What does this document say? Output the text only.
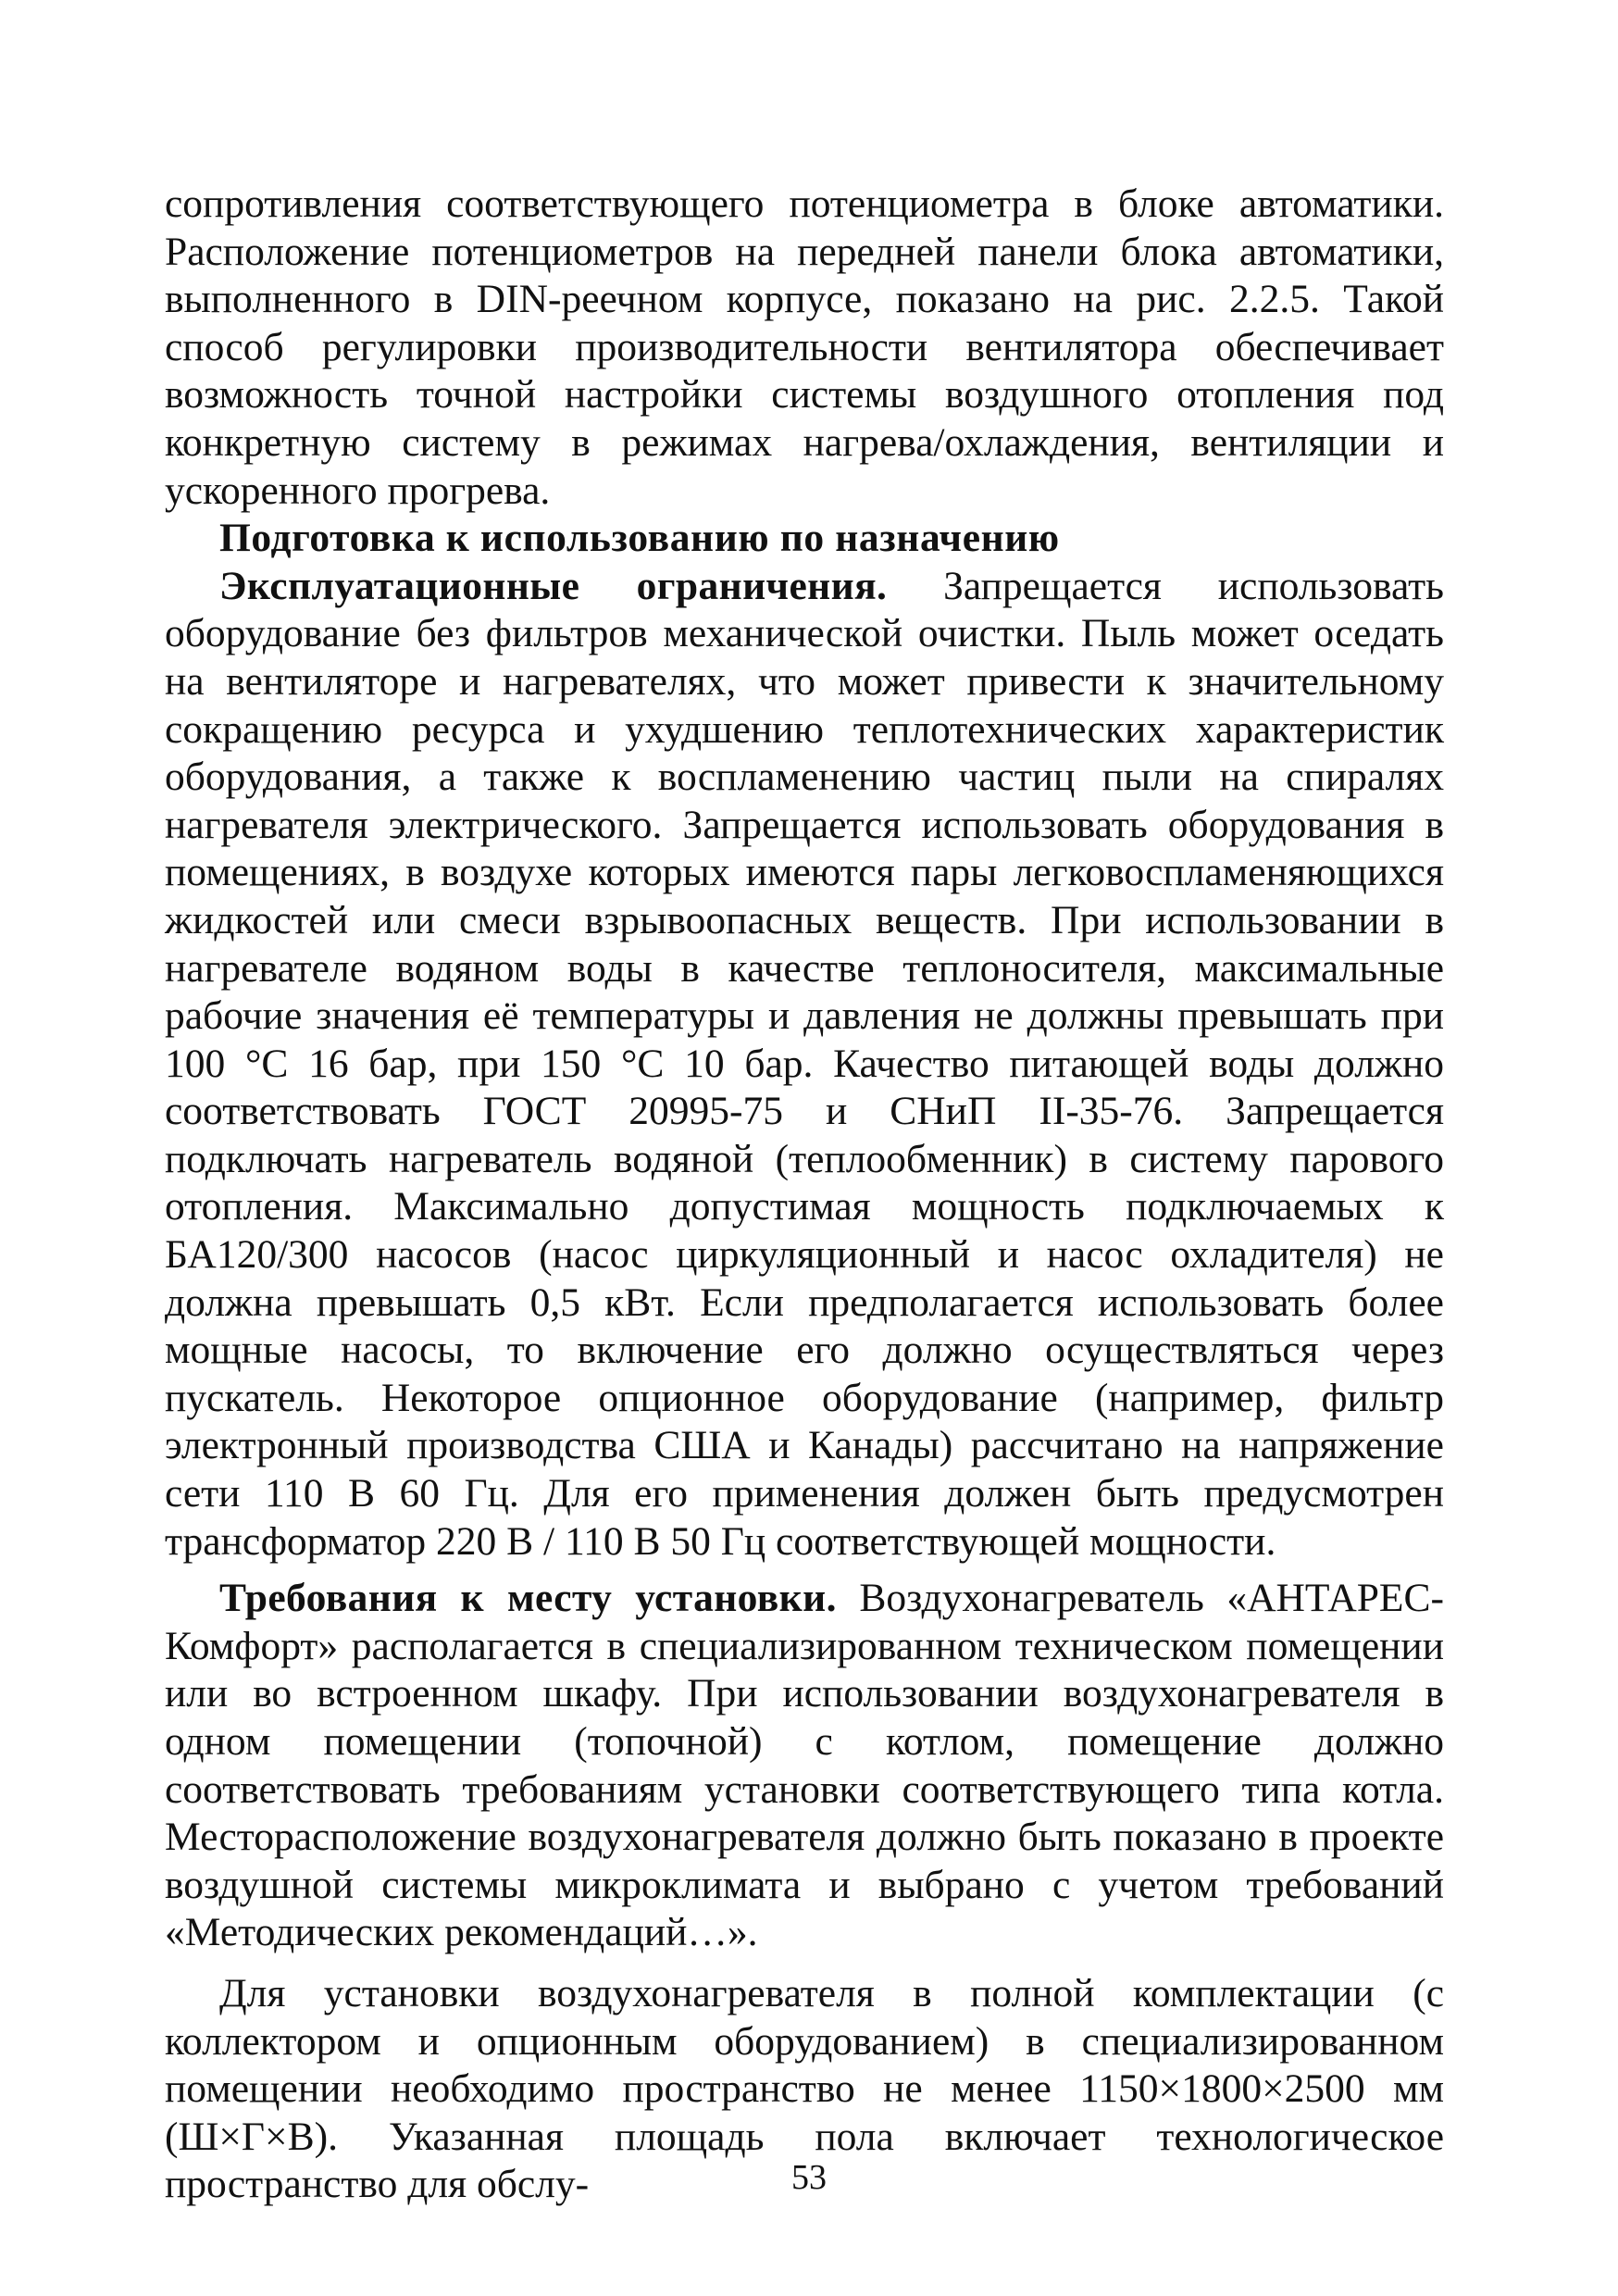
сопротивления соответствующего потенциометра в блоке автоматики. Расположение потенциометров на передней панели блока автоматики, выполненного в DIN-реечном корпусе, показано на рис. 2.2.5. Такой способ регулировки производительности вентилятора обеспечивает возможность точной настройки системы воздушного отопления под конкретную систему в режимах нагрева/охлаждения, вентиляции и ускоренного прогрева.

Подготовка к использованию по назначению

Эксплуатационные ограничения. Запрещается использовать оборудование без фильтров механической очистки. Пыль может оседать на вентиляторе и нагревателях, что может привести к значительному сокращению ресурса и ухудшению теплотехнических характеристик оборудования, а также к воспламенению частиц пыли на спиралях нагревателя электрического. Запрещается использовать оборудования в помещениях, в воздухе которых имеются пары легковоспламеняющихся жидкостей или смеси взрывоопасных веществ. При использовании в нагревателе водяном воды в качестве теплоносителя, максимальные рабочие значения её температуры и давления не должны превышать при 100 °C 16 бар, при 150 °C 10 бар. Качество питающей воды должно соответствовать ГОСТ 20995-75 и СНиП II-35-76. Запрещается подключать нагреватель водяной (теплообменник) в систему парового отопления. Максимально допустимая мощность подключаемых к БА120/300 насосов (насос циркуляционный и насос охладителя) не должна превышать 0,5 кВт. Если предполагается использовать более мощные насосы, то включение его должно осуществляться через пускатель. Некоторое опционное оборудование (например, фильтр электронный производства США и Канады) рассчитано на напряжение сети 110 В 60 Гц. Для его применения должен быть предусмотрен трансформатор 220 В / 110 В 50 Гц соответствующей мощности.

Требования к месту установки. Воздухонагреватель «АНТАРЕС-Комфорт» располагается в специализированном техническом помещении или во встроенном шкафу. При использовании воздухонагревателя в одном помещении (топочной) с котлом, помещение должно соответствовать требованиям установки соответствующего типа котла. Месторасположение воздухонагревателя должно быть показано в проекте воздушной системы микроклимата и выбрано с учетом требований «Методических рекомендаций…».

Для установки воздухонагревателя в полной комплектации (с коллектором и опционным оборудованием) в специализированном помещении необходимо пространство не менее 1150×1800×2500 мм (Ш×Г×В). Указанная площадь пола включает технологическое пространство для обслу-	53
